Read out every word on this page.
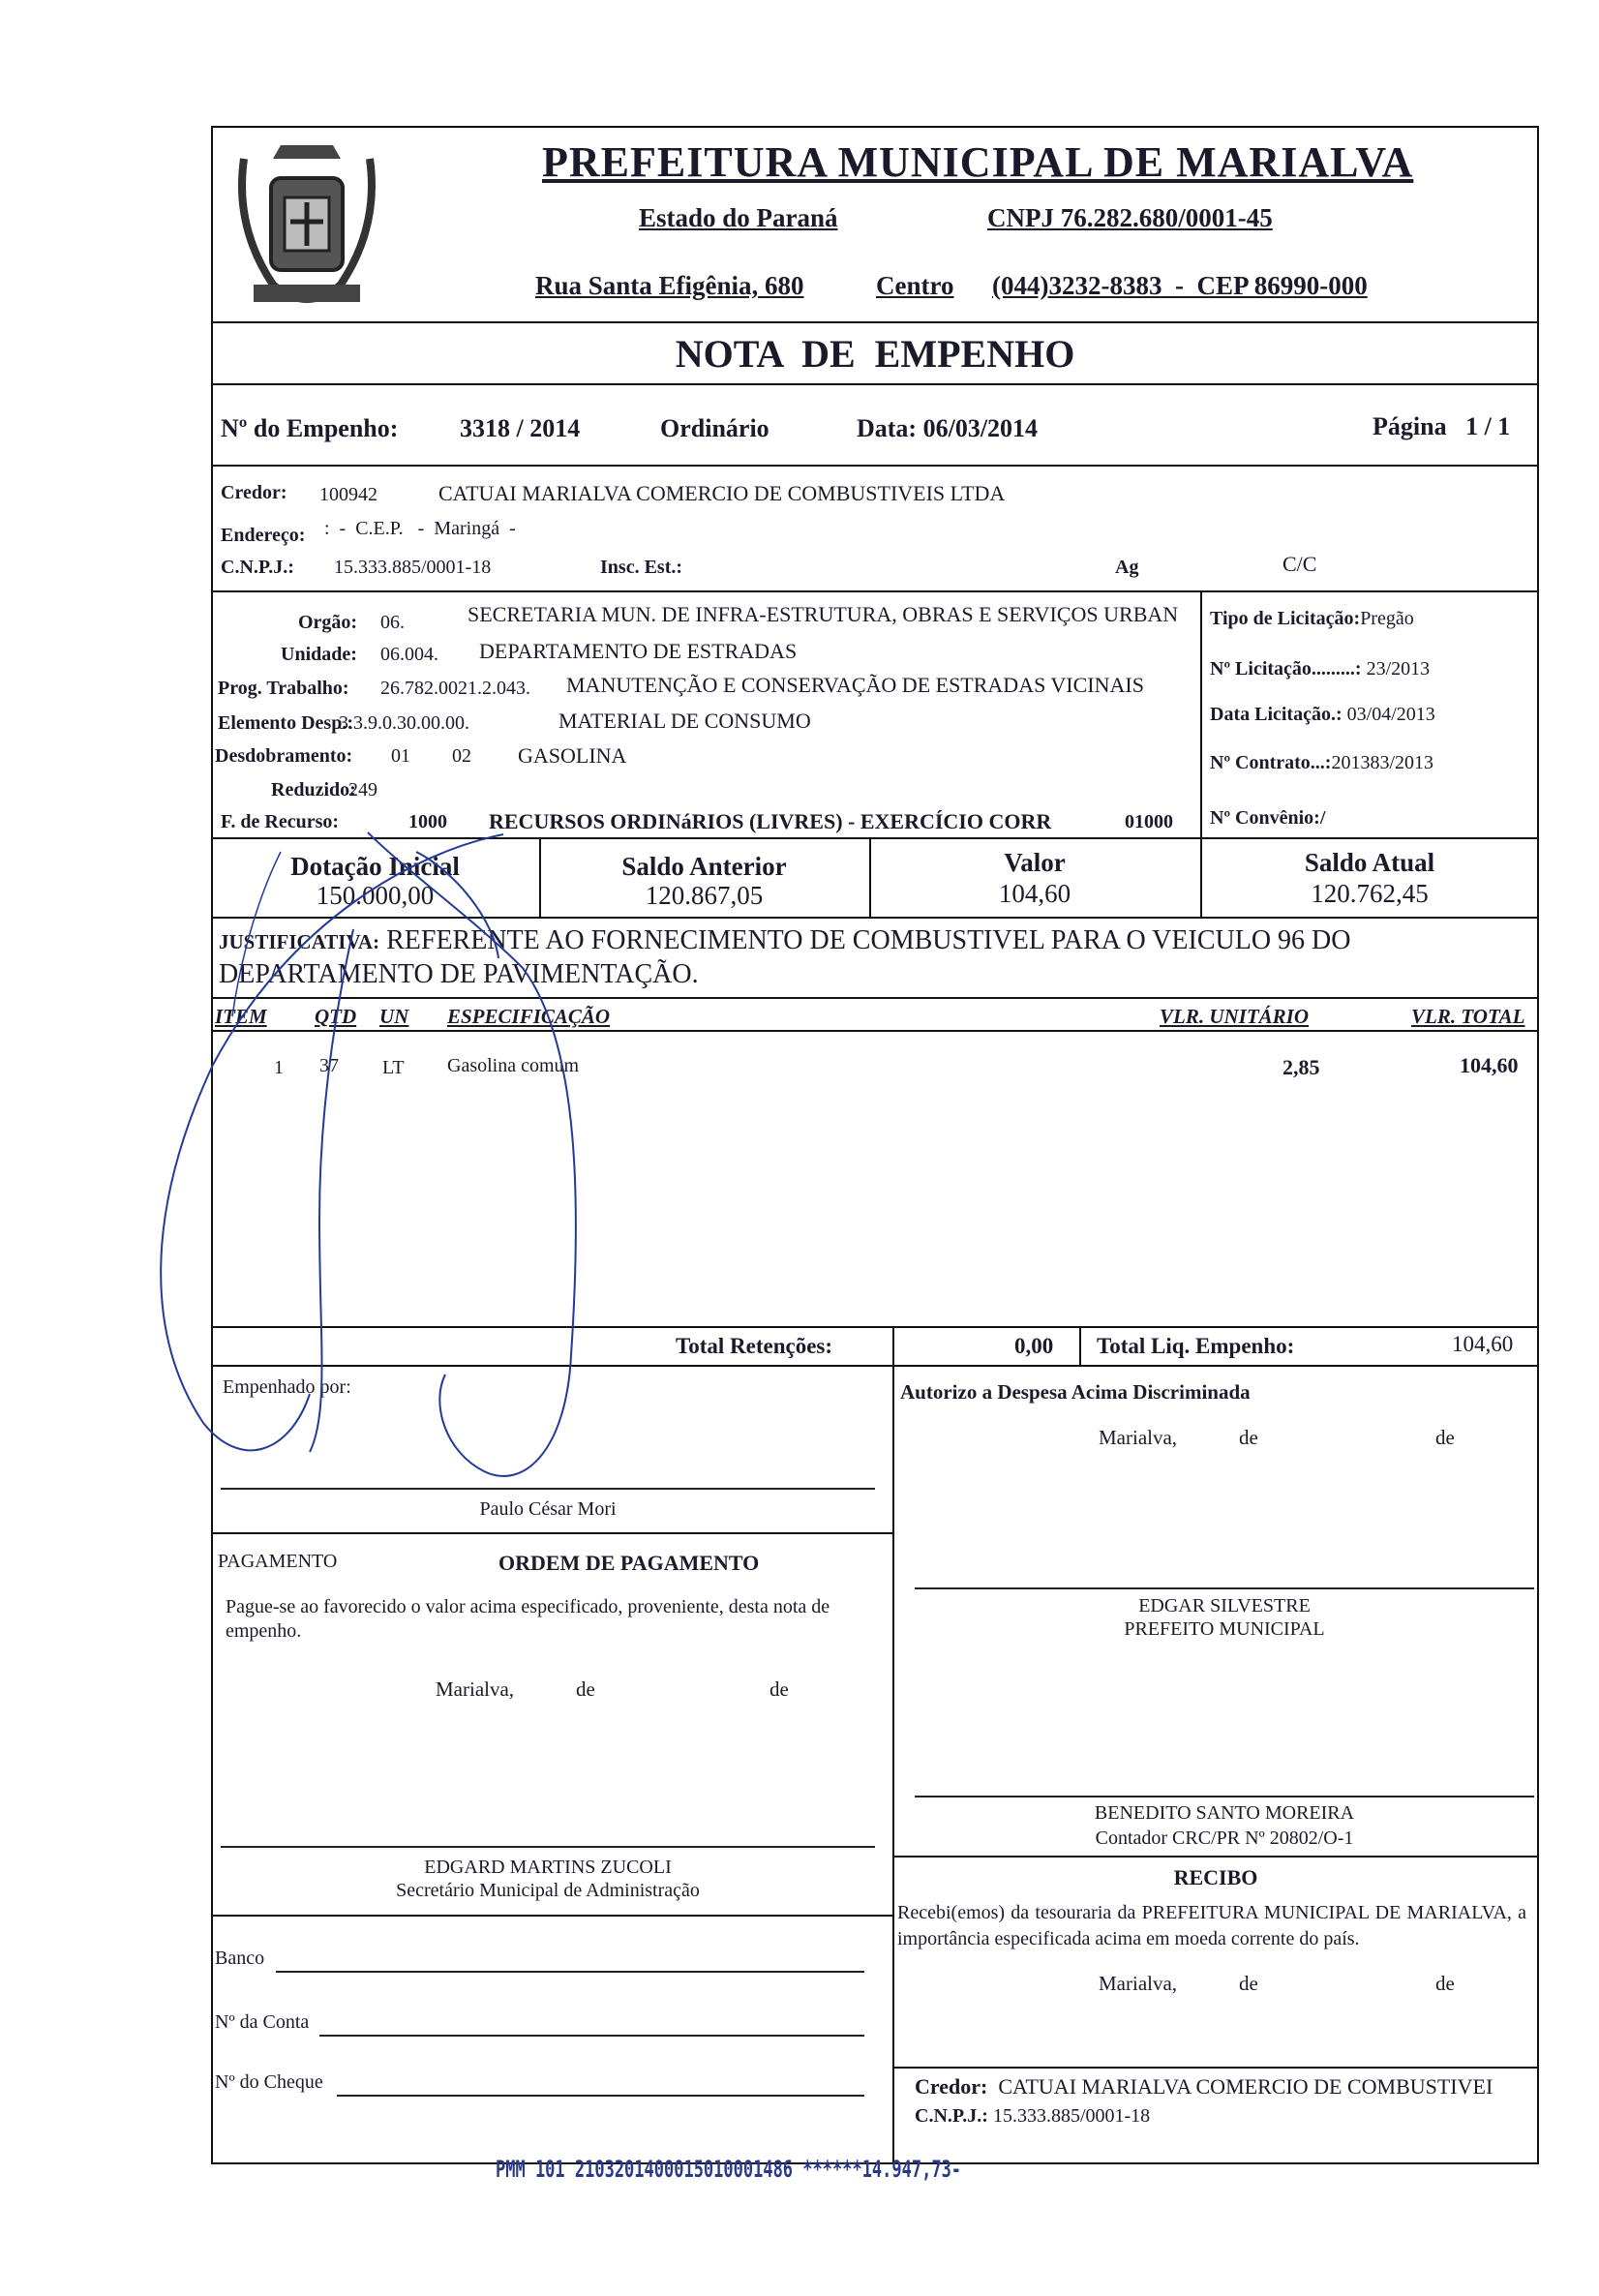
PREFEITURA MUNICIPAL DE MARIALVA
Estado do Paraná	CNPJ 76.282.680/0001-45
Rua Santa Efigênia, 680	Centro (044)3232-8383  -  CEP 86990-000
NOTA  DE  EMPENHO
Nº do Empenho: 3318 / 2014	Ordinário	Data: 06/03/2014	Página   1 / 1
Credor: 100942	CATUAI MARIALVA COMERCIO DE COMBUSTIVEIS LTDA
Endereço: :  -  C.E.P.   -  Maringá  -
C.N.P.J.: 15.333.885/0001-18	Insc. Est.:	Ag	C/C
Orgão: 06.	SECRETARIA MUN. DE INFRA-ESTRUTURA, OBRAS E SERVIÇOS URBAN
Unidade: 06.004. DEPARTAMENTO DE ESTRADAS
Prog. Trabalho: 26.782.0021.2.043. MANUTENÇÃO E CONSERVAÇÃO DE ESTRADAS VICINAIS
Elemento Desp.:
3.3.9.0.30.00.00.	MATERIAL DE CONSUMO
Desdobramento: 01 02 GASOLINA
Reduzido:
249
F. de Recurso:	1000 RECURSOS ORDINáRIOS (LIVRES) - EXERCÍCIO CORR	01000
Tipo de Licitação:Pregão
Nº Licitação.........: 23/2013
Data Licitação.: 03/04/2013
Nº Contrato...:201383/2013
Nº Convênio:/
Dotação Inicial
150.000,00
Saldo Anterior
120.867,05
Valor
104,60
Saldo Atual
120.762,45
JUSTIFICATIVA: REFERENTE AO FORNECIMENTO DE COMBUSTIVEL PARA O VEICULO 96 DO
DEPARTAMENTO DE PAVIMENTAÇÃO.
ITEM QTD UN ESPECIFICAÇÃO	VLR. UNITÁRIO	VLR. TOTAL
1 37 LT Gasolina comum	2,85	104,60
Total Retenções:	0,00 Total Liq. Empenho:	104,60
Empenhado por:
Paulo César Mori
Autorizo a Despesa Acima Discriminada
Marialva,	de	de
PAGAMENTO	ORDEM DE PAGAMENTO
Pague-se ao favorecido o valor acima especificado, proveniente, desta nota de empenho.
Marialva,	de	de
EDGAR SILVESTRE
PREFEITO MUNICIPAL
BENEDITO SANTO MOREIRA
Contador CRC/PR Nº 20802/O-1
EDGARD MARTINS ZUCOLI
Secretário Municipal de Administração
RECIBO
Recebi(emos) da tesouraria da PREFEITURA MUNICIPAL DE MARIALVA, a importância especificada acima em moeda corrente do país.
Marialva,	de	de
Banco
Nº da Conta
Nº do Cheque	Credor: CATUAI MARIALVA COMERCIO DE COMBUSTIVEI
C.N.P.J.: 15.333.885/0001-18
PMM 101 2103201400015010001486 ******14.947,73-
